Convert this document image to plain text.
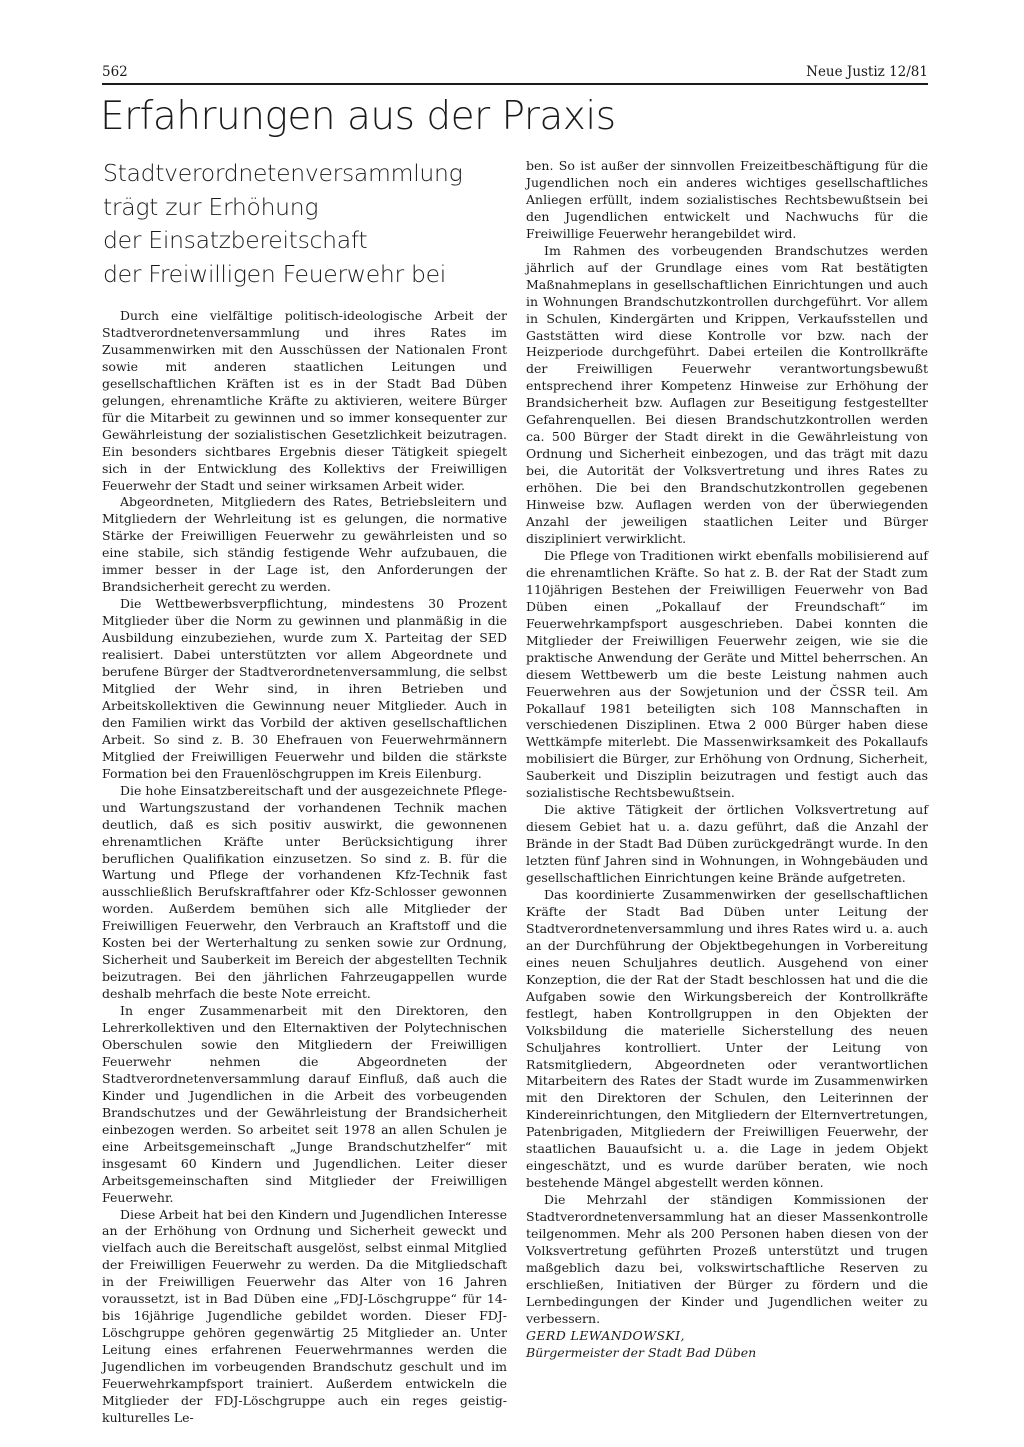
562	Neue Justiz 12/81
Erfahrungen aus der Praxis
Stadtverordnetenversammlung
trägt zur Erhöhung
der Einsatzbereitschaft
der Freiwilligen Feuerwehr bei

Durch eine vielfältige politisch-ideologische Arbeit der Stadtverordnetenversammlung und ihres Rates im Zusammenwirken mit den Ausschüssen der Nationalen Front sowie mit anderen staatlichen Leitungen und gesellschaftlichen Kräften ist es in der Stadt Bad Düben gelungen, ehrenamtliche Kräfte zu aktivieren, weitere Bürger für die Mitarbeit zu gewinnen und so immer konsequenter zur Gewährleistung der sozialistischen Gesetzlichkeit beizutragen. Ein besonders sichtbares Ergebnis dieser Tätigkeit spiegelt sich in der Entwicklung des Kollektivs der Freiwilligen Feuerwehr der Stadt und seiner wirksamen Arbeit wider.

Abgeordneten, Mitgliedern des Rates, Betriebsleitern und Mitgliedern der Wehrleitung ist es gelungen, die normative Stärke der Freiwilligen Feuerwehr zu gewährleisten und so eine stabile, sich ständig festigende Wehr aufzubauen, die immer besser in der Lage ist, den Anforderungen der Brandsicherheit gerecht zu werden.

Die Wettbewerbsverpflichtung, mindestens 30 Prozent Mitglieder über die Norm zu gewinnen und planmäßig in die Ausbildung einzubeziehen, wurde zum X. Parteitag der SED realisiert. Dabei unterstützten vor allem Abgeordnete und berufene Bürger der Stadtverordnetenversammlung, die selbst Mitglied der Wehr sind, in ihren Betrieben und Arbeitskollektiven die Gewinnung neuer Mitglieder. Auch in den Familien wirkt das Vorbild der aktiven gesellschaftlichen Arbeit. So sind z. B. 30 Ehefrauen von Feuerwehrmännern Mitglied der Freiwilligen Feuerwehr und bilden die stärkste Formation bei den Frauenlöschgruppen im Kreis Eilenburg.

Die hohe Einsatzbereitschaft und der ausgezeichnete Pflege- und Wartungszustand der vorhandenen Technik machen deutlich, daß es sich positiv auswirkt, die gewonnenen ehrenamtlichen Kräfte unter Berücksichtigung ihrer beruflichen Qualifikation einzusetzen. So sind z. B. für die Wartung und Pflege der vorhandenen Kfz-Technik fast ausschließlich Berufskraftfahrer oder Kfz-Schlosser gewonnen worden. Außerdem bemühen sich alle Mitglieder der Freiwilligen Feuerwehr, den Verbrauch an Kraftstoff und die Kosten bei der Werterhaltung zu senken sowie zur Ordnung, Sicherheit und Sauberkeit im Bereich der abgestellten Technik beizutragen. Bei den jährlichen Fahrzeugappellen wurde deshalb mehrfach die beste Note erreicht.

In enger Zusammenarbeit mit den Direktoren, den Lehrerkollektiven und den Elternaktiven der Polytechnischen Oberschulen sowie den Mitgliedern der Freiwilligen Feuerwehr nehmen die Abgeordneten der Stadtverordnetenversammlung darauf Einfluß, daß auch die Kinder und Jugendlichen in die Arbeit des vorbeugenden Brandschutzes und der Gewährleistung der Brandsicherheit einbezogen werden. So arbeitet seit 1978 an allen Schulen je eine Arbeitsgemeinschaft „Junge Brandschutzhelfer“ mit insgesamt 60 Kindern und Jugendlichen. Leiter dieser Arbeitsgemeinschaften sind Mitglieder der Freiwilligen Feuerwehr.

Diese Arbeit hat bei den Kindern und Jugendlichen Interesse an der Erhöhung von Ordnung und Sicherheit geweckt und vielfach auch die Bereitschaft ausgelöst, selbst einmal Mitglied der Freiwilligen Feuerwehr zu werden. Da die Mitgliedschaft in der Freiwilligen Feuerwehr das Alter von 16 Jahren voraussetzt, ist in Bad Düben eine „FDJ-Löschgruppe“ für 14- bis 16jährige Jugendliche gebildet worden. Dieser FDJ-Löschgruppe gehören gegenwärtig 25 Mitglieder an. Unter Leitung eines erfahrenen Feuerwehrmannes werden die Jugendlichen im vorbeugenden Brandschutz geschult und im Feuerwehrkampfsport trainiert. Außerdem entwickeln die Mitglieder der FDJ-Löschgruppe auch ein reges geistig-kulturelles Le-

ben. So ist außer der sinnvollen Freizeitbeschäftigung für die Jugendlichen noch ein anderes wichtiges gesellschaftliches Anliegen erfüllt, indem sozialistisches Rechtsbewußtsein bei den Jugendlichen entwickelt und Nachwuchs für die Freiwillige Feuerwehr herangebildet wird.

Im Rahmen des vorbeugenden Brandschutzes werden jährlich auf der Grundlage eines vom Rat bestätigten Maßnahmeplans in gesellschaftlichen Einrichtungen und auch in Wohnungen Brandschutzkontrollen durchgeführt. Vor allem in Schulen, Kindergärten und Krippen, Verkaufsstellen und Gaststätten wird diese Kontrolle vor bzw. nach der Heizperiode durchgeführt. Dabei erteilen die Kontrollkräfte der Freiwilligen Feuerwehr verantwortungsbewußt entsprechend ihrer Kompetenz Hinweise zur Erhöhung der Brandsicherheit bzw. Auflagen zur Beseitigung festgestellter Gefahrenquellen. Bei diesen Brandschutzkontrollen werden ca. 500 Bürger der Stadt direkt in die Gewährleistung von Ordnung und Sicherheit einbezogen, und das trägt mit dazu bei, die Autorität der Volksvertretung und ihres Rates zu erhöhen. Die bei den Brandschutzkontrollen gegebenen Hinweise bzw. Auflagen werden von der überwiegenden Anzahl der jeweiligen staatlichen Leiter und Bürger diszipliniert verwirklicht.

Die Pflege von Traditionen wirkt ebenfalls mobilisierend auf die ehrenamtlichen Kräfte. So hat z. B. der Rat der Stadt zum 110jährigen Bestehen der Freiwilligen Feuerwehr von Bad Düben einen „Pokallauf der Freundschaft“ im Feuerwehrkampfsport ausgeschrieben. Dabei konnten die Mitglieder der Freiwilligen Feuerwehr zeigen, wie sie die praktische Anwendung der Geräte und Mittel beherrschen. An diesem Wettbewerb um die beste Leistung nahmen auch Feuerwehren aus der Sowjetunion und der ČSSR teil. Am Pokallauf 1981 beteiligten sich 108 Mannschaften in verschiedenen Disziplinen. Etwa 2 000 Bürger haben diese Wettkämpfe miterlebt. Die Massenwirksamkeit des Pokallaufs mobilisiert die Bürger, zur Erhöhung von Ordnung, Sicherheit, Sauberkeit und Disziplin beizutragen und festigt auch das sozialistische Rechtsbewußtsein.

Die aktive Tätigkeit der örtlichen Volksvertretung auf diesem Gebiet hat u. a. dazu geführt, daß die Anzahl der Brände in der Stadt Bad Düben zurückgedrängt wurde. In den letzten fünf Jahren sind in Wohnungen, in Wohngebäuden und gesellschaftlichen Einrichtungen keine Brände aufgetreten.

Das koordinierte Zusammenwirken der gesellschaftlichen Kräfte der Stadt Bad Düben unter Leitung der Stadtverordnetenversammlung und ihres Rates wird u. a. auch an der Durchführung der Objektbegehungen in Vorbereitung eines neuen Schuljahres deutlich. Ausgehend von einer Konzeption, die der Rat der Stadt beschlossen hat und die die Aufgaben sowie den Wirkungsbereich der Kontrollkräfte festlegt, haben Kontrollgruppen in den Objekten der Volksbildung die materielle Sicherstellung des neuen Schuljahres kontrolliert. Unter der Leitung von Ratsmitgliedern, Abgeordneten oder verantwortlichen Mitarbeitern des Rates der Stadt wurde im Zusammenwirken mit den Direktoren der Schulen, den Leiterinnen der Kindereinrichtungen, den Mitgliedern der Elternvertretungen, Patenbrigaden, Mitgliedern der Freiwilligen Feuerwehr, der staatlichen Bauaufsicht u. a. die Lage in jedem Objekt eingeschätzt, und es wurde darüber beraten, wie noch bestehende Mängel abgestellt werden können.

Die Mehrzahl der ständigen Kommissionen der Stadtverordnetenversammlung hat an dieser Massenkontrolle teilgenommen. Mehr als 200 Personen haben diesen von der Volksvertretung geführten Prozeß unterstützt und trugen maßgeblich dazu bei, volkswirtschaftliche Reserven zu erschließen, Initiativen der Bürger zu fördern und die Lernbedingungen der Kinder und Jugendlichen weiter zu verbessern.

GERD LEWANDOWSKI,
Bürgermeister der Stadt Bad Düben
